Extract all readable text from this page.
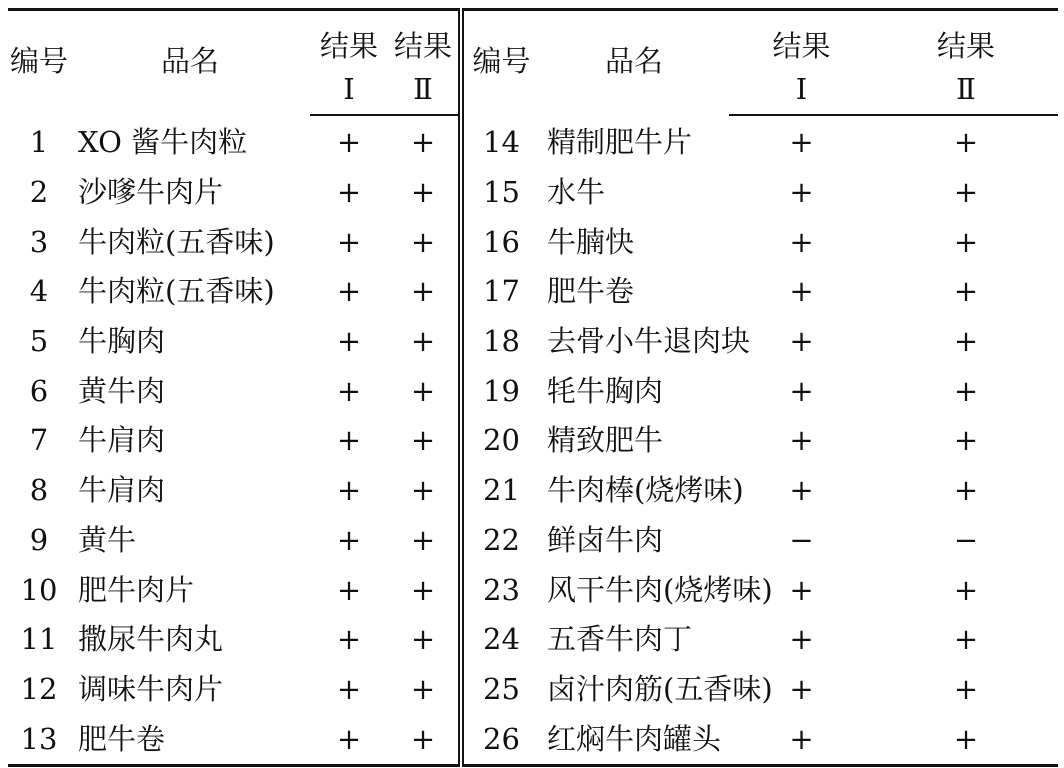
编号	品名	结果	结果	编号	品名	结果	结果
		Ⅰ	Ⅱ			Ⅰ	Ⅱ
1	XO 酱牛肉粒	+	+	14	精制肥牛片	+	+
2	沙嗲牛肉片	+	+	15	水牛	+	+
3	牛肉粒(五香味)	+	+	16	牛腩快	+	+
4	牛肉粒(五香味)	+	+	17	肥牛卷	+	+
5	牛胸肉	+	+	18	去骨小牛退肉块	+	+
6	黄牛肉	+	+	19	牦牛胸肉	+	+
7	牛肩肉	+	+	20	精致肥牛	+	+
8	牛肩肉	+	+	21	牛肉棒(烧烤味)	+	+
9	黄牛	+	+	22	鲜卤牛肉	−	−
10	肥牛肉片	+	+	23	风干牛肉(烧烤味)	+	+
11	撒尿牛肉丸	+	+	24	五香牛肉丁	+	+
12	调味牛肉片	+	+	25	卤汁肉筋(五香味)	+	+
13	肥牛卷	+	+	26	红焖牛肉罐头	+	+
